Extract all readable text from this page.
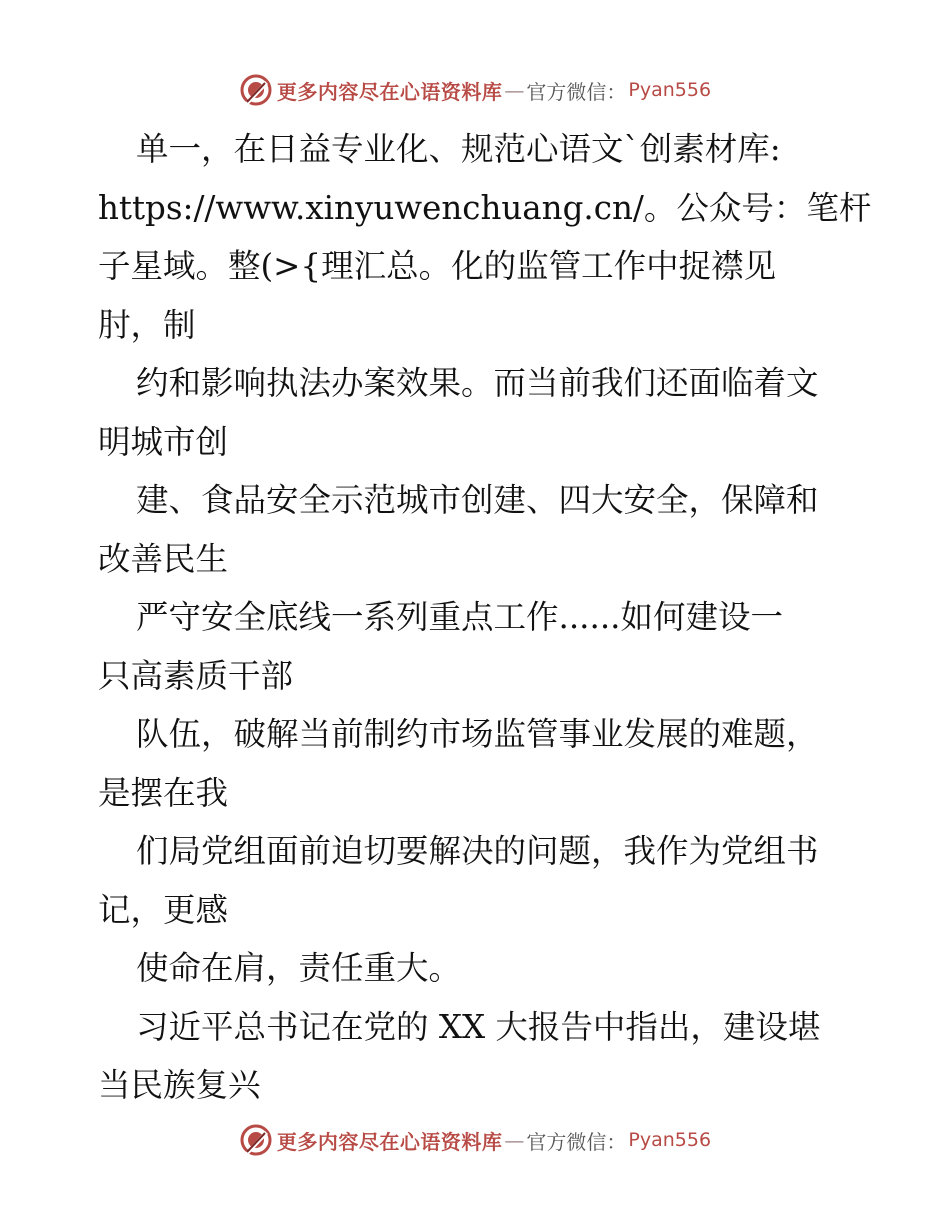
更多内容尽在心语资料库 — 官方微信： Pyan556
单一，在日益专业化、规范心语文`创素材库:
https://www.xinyuwenchuang.cn/。公众号：笔杆
子星域。整(>{理汇总。化的监管工作中捉襟见
肘，制
约和影响执法办案效果。而当前我们还面临着文
明城市创
建、食品安全示范城市创建、四大安全，保障和
改善民生
严守安全底线一系列重点工作......如何建设一
只高素质干部
队伍，破解当前制约市场监管事业发展的难题，
是摆在我
们局党组面前迫切要解决的问题，我作为党组书
记，更感
使命在肩，责任重大。
习近平总书记在党的 XX 大报告中指出，建设堪
当民族复兴
更多内容尽在心语资料库 — 官方微信： Pyan556
